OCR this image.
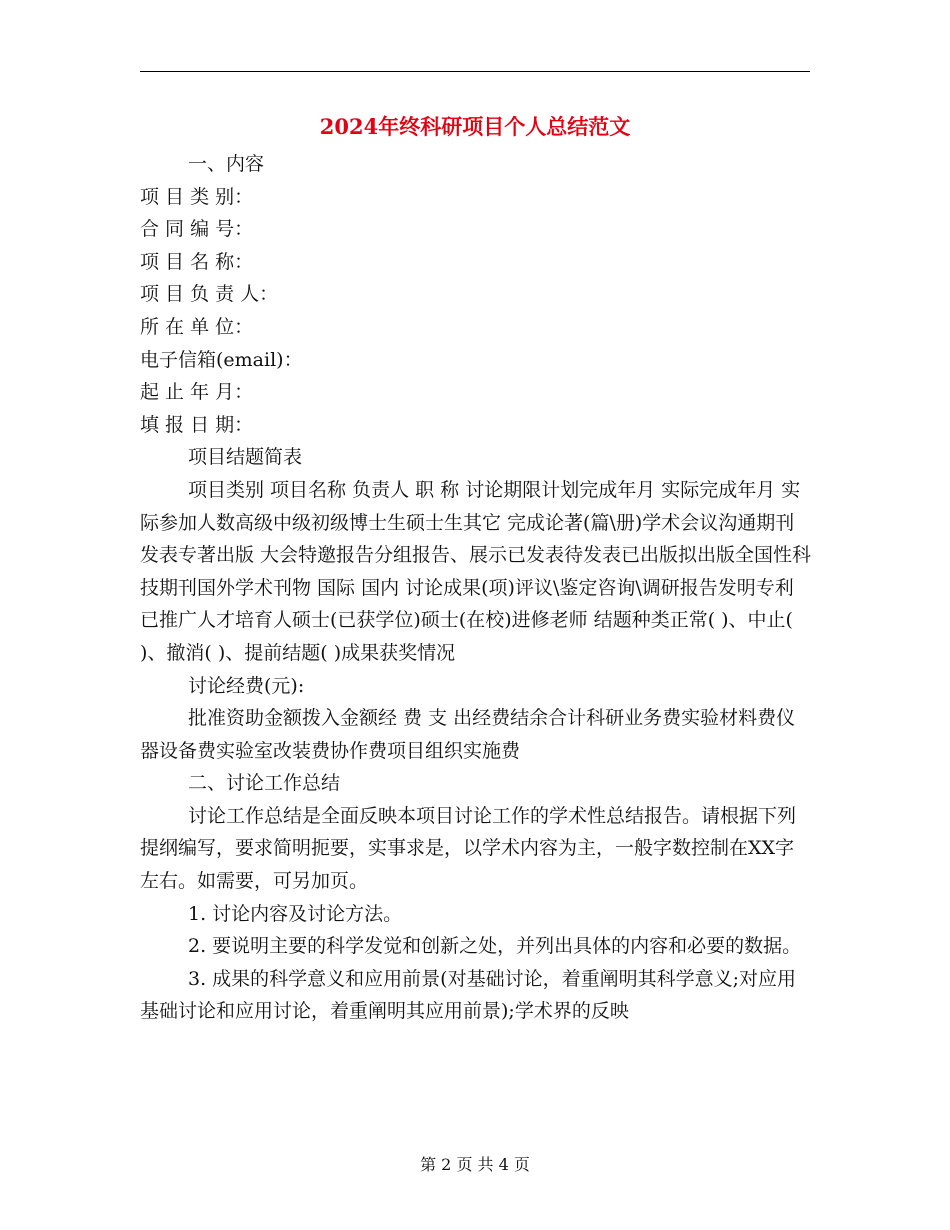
2024年终科研项目个人总结范文

一、内容

项 目 类 别：

合 同 编 号：

项 目 名 称：

项 目 负 责 人：

所 在 单 位：

电子信箱(email)：

起 止 年 月：

填 报 日 期：

项目结题简表

项目类别 项目名称 负责人 职 称 讨论期限计划完成年月 实际完成年月 实际参加人数高级中级初级博士生硕士生其它 完成论著(篇\册)学术会议沟通期刊发表专著出版 大会特邀报告分组报告、展示已发表待发表已出版拟出版全国性科技期刊国外学术刊物 国际 国内 讨论成果(项)评议\鉴定咨询\调研报告发明专利已推广人才培育人硕士(已获学位)硕士(在校)进修老师 结题种类正常( )、中止( )、撤消( )、提前结题( )成果获奖情况

讨论经费(元):

批准资助金额拨入金额经 费 支 出经费结余合计科研业务费实验材料费仪器设备费实验室改装费协作费项目组织实施费

二、讨论工作总结

讨论工作总结是全面反映本项目讨论工作的学术性总结报告。请根据下列提纲编写，要求简明扼要，实事求是，以学术内容为主，一般字数控制在XX字左右。如需要，可另加页。

1. 讨论内容及讨论方法。

2. 要说明主要的科学发觉和创新之处，并列出具体的内容和必要的数据。

3. 成果的科学意义和应用前景(对基础讨论，着重阐明其科学意义;对应用基础讨论和应用讨论，着重阐明其应用前景);学术界的反映

第 2 页 共 4 页
